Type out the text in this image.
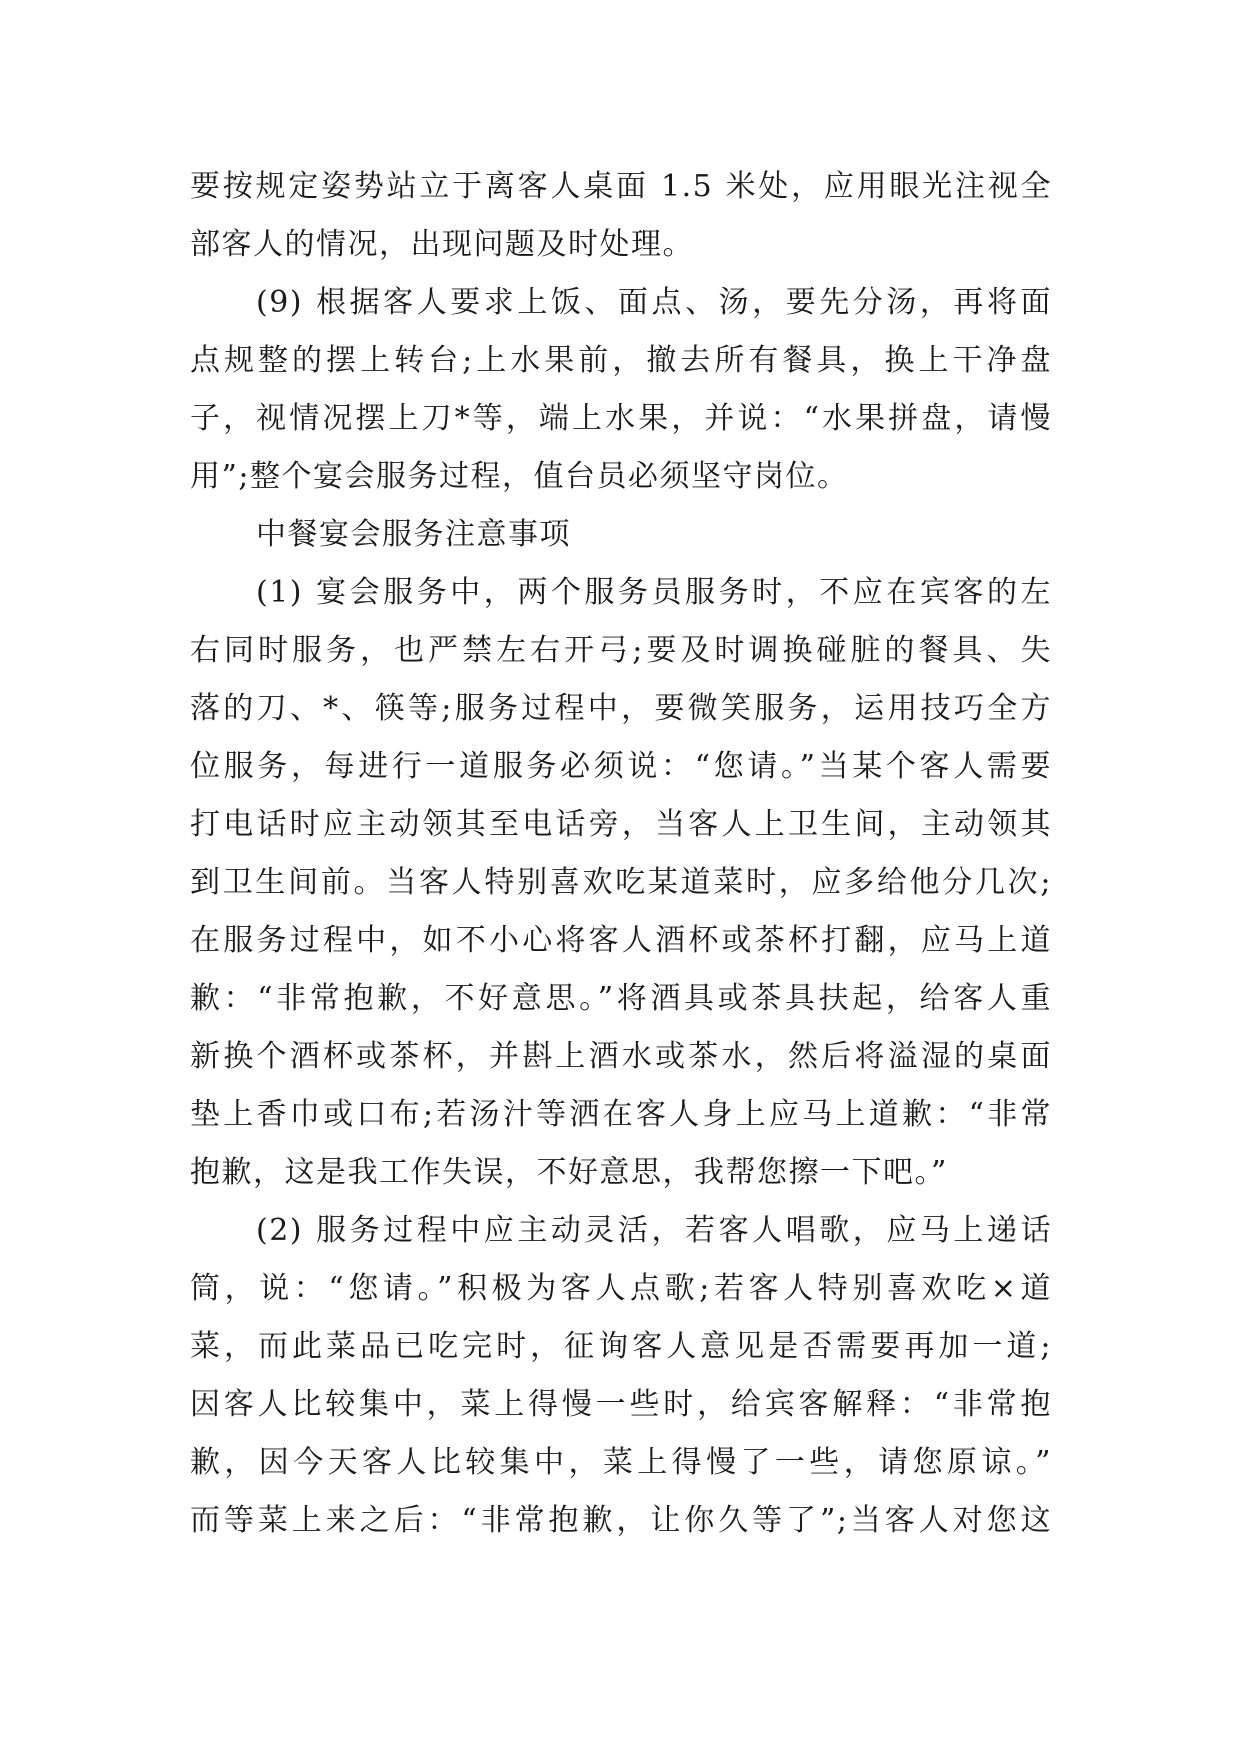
要按规定姿势站立于离客人桌面 1.5 米处，应用眼光注视全
部客人的情况，出现问题及时处理。
(9) 根据客人要求上饭、面点、汤，要先分汤，再将面
点规整的摆上转台;上水果前，撤去所有餐具，换上干净盘
子，视情况摆上刀*等，端上水果，并说：“水果拼盘，请慢
用”;整个宴会服务过程，值台员必须坚守岗位。
中餐宴会服务注意事项
(1) 宴会服务中，两个服务员服务时，不应在宾客的左
右同时服务，也严禁左右开弓;要及时调换碰脏的餐具、失
落的刀、*、筷等;服务过程中，要微笑服务，运用技巧全方
位服务，每进行一道服务必须说：“您请。”当某个客人需要
打电话时应主动领其至电话旁，当客人上卫生间，主动领其
到卫生间前。当客人特别喜欢吃某道菜时，应多给他分几次;
在服务过程中，如不小心将客人酒杯或茶杯打翻，应马上道
歉：“非常抱歉，不好意思。”将酒具或茶具扶起，给客人重
新换个酒杯或茶杯，并斟上酒水或茶水，然后将溢湿的桌面
垫上香巾或口布;若汤汁等洒在客人身上应马上道歉：“非常
抱歉，这是我工作失误，不好意思，我帮您擦一下吧。”
(2) 服务过程中应主动灵活，若客人唱歌，应马上递话
筒，说：“您请。”积极为客人点歌;若客人特别喜欢吃×道
菜，而此菜品已吃完时，征询客人意见是否需要再加一道;
因客人比较集中，菜上得慢一些时，给宾客解释：“非常抱
歉，因今天客人比较集中，菜上得慢了一些，请您原谅。”
而等菜上来之后：“非常抱歉，让你久等了”;当客人对您这
